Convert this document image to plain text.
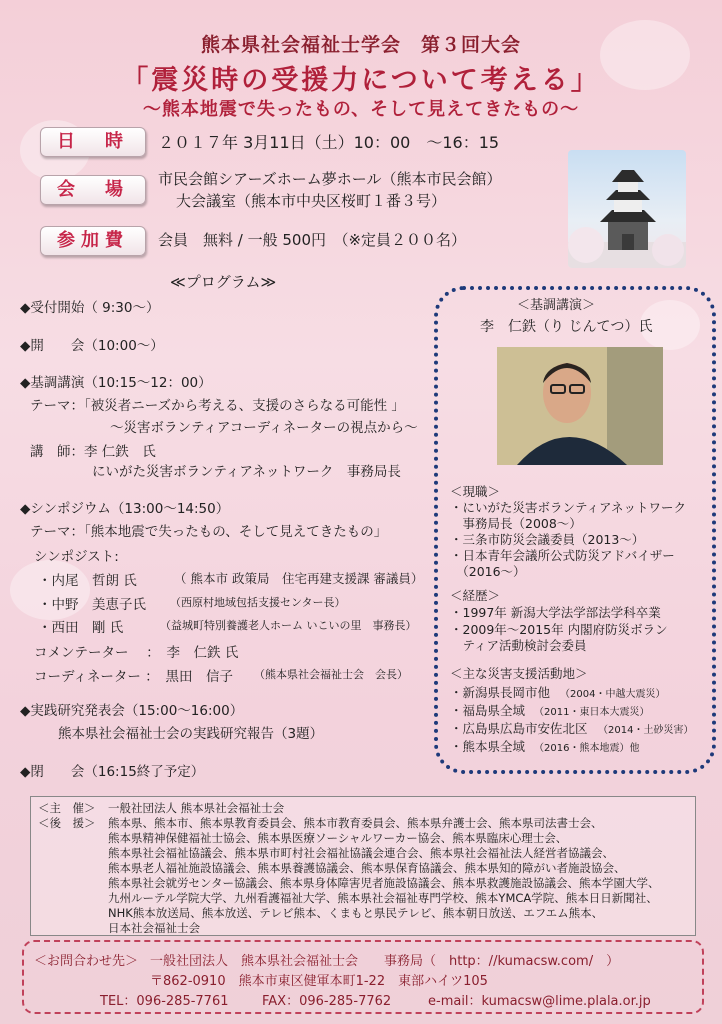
熊本県社会福祉士学会　第３回大会
「震災時の受援力について考える」
～熊本地震で失ったもの、そして見えてきたもの～
日　時	２０１７年 3月11日（土）10：00　～16：15
会　場	市民会館シアーズホーム夢ホール（熊本市民会館）
大会議室（熊本市中央区桜町１番３号）
参加費	会員　無料 / 一般 500円　（※定員２００名）
≪プログラム≫
◆受付開始（ 9:30～）
◆開　　会（10:00～）
◆基調講演（10:15～12：00）
テーマ：「被災者ニーズから考える、支援のさらなる可能性 」
～災害ボランティアコーディネーターの視点から～
講　師：李 仁鉄　氏
にいがた災害ボランティアネットワーク　事務局長
◆シンポジウム（13:00～14:50）
テーマ：「熊本地震で失ったもの、そして見えてきたもの」
シンポジスト:
・内尾　哲朗 氏	（ 熊本市 政策局　住宅再建支援課 審議員）
・中野　美恵子氏 （西原村地域包括支援センター長）
・西田　剛 氏	（益城町特別養護老人ホーム いこいの里　事務長）
コメンテーター　 ：　李　仁鉄 氏
コーディネーター ：　黒田　信子 （熊本県社会福祉士会　会長）
◆実践研究発表会（15:00～16:00）
熊本県社会福祉士会の実践研究報告（3題）
◆閉　　会（16:15終了予定）
＜基調講演＞
李　仁鉄（り じんてつ）氏
＜現職＞
・にいがた災害ボランティアネットワーク
　事務局長（2008～）
・三条市防災会議委員（2013～）
・日本青年会議所公式防災アドバイザー
　（2016～）
＜経歴＞
・1997年 新潟大学法学部法学科卒業
・2009年～2015年 内閣府防災ボラン
　ティア活動検討会委員
＜主な災害支援活動地＞
・新潟県長岡市他 （2004・中越大震災）
・福島県全域 （2011・東日本大震災）
・広島県広島市安佐北区 （2014・土砂災害）
・熊本県全域 （2016・熊本地震）他
＜主　催＞ 一般社団法人 熊本県社会福祉士会
＜後　援＞ 熊本県、熊本市、熊本県教育委員会、熊本市教育委員会、熊本県弁護士会、熊本県司法書士会、
熊本県精神保健福祉士協会、熊本県医療ソーシャルワーカー協会、熊本県臨床心理士会、
熊本県社会福祉協議会、熊本県市町村社会福祉協議会連合会、熊本県社会福祉法人経営者協議会、
熊本県老人福祉施設協議会、熊本県養護協議会、熊本県保育協議会、熊本県知的障がい者施設協会、
熊本県社会就労センター協議会、熊本県身体障害児者施設協議会、熊本県救護施設協議会、熊本学園大学、
九州ルーテル学院大学、九州看護福祉大学、熊本県社会福祉専門学校、熊本YMCA学院、熊本日日新聞社、
NHK熊本放送局、熊本放送、テレビ熊本、くまもと県民テレビ、熊本朝日放送、エフエム熊本、
日本社会福祉士会
＜お問合わせ先＞ 一般社団法人　熊本県社会福祉士会　　事務局（　http：//kumacsw.com/　）
〒862-0910　熊本市東区健軍本町1-22　東部ハイツ105
TEL：096-285-7761	FAX：096-285-7762	e-mail：kumacsw@lime.plala.or.jp
